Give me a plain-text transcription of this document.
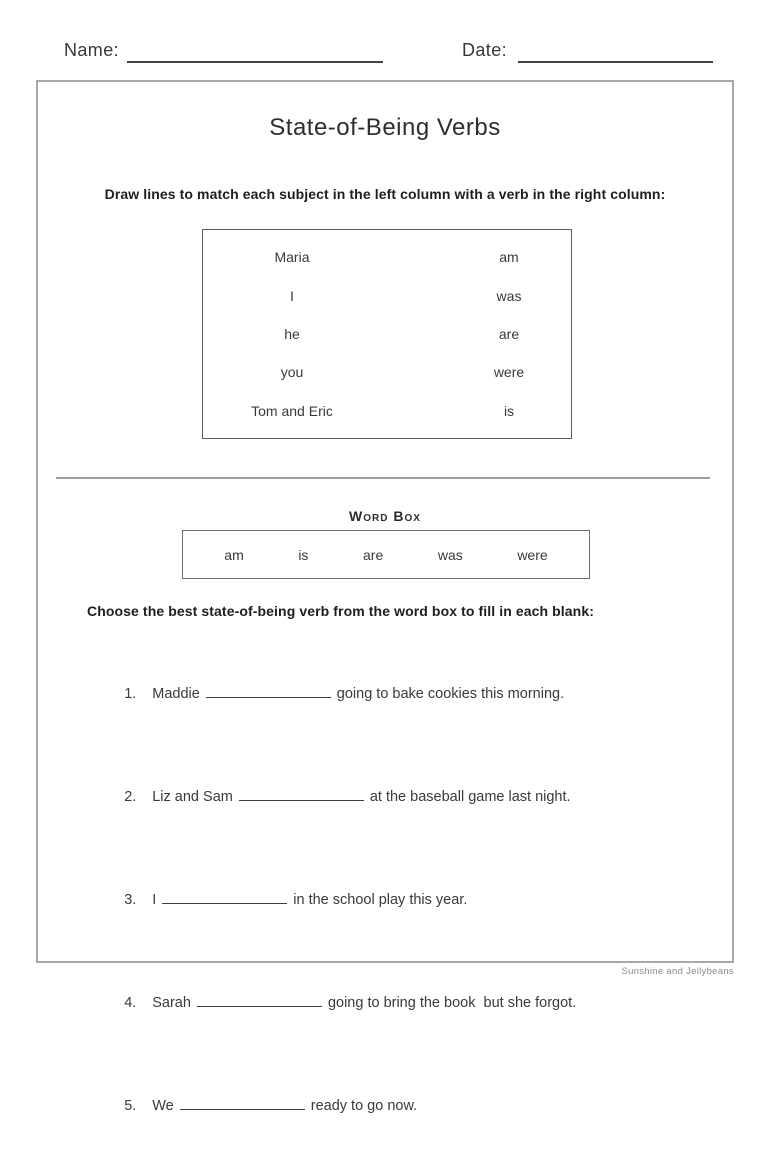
Name:	Date:
State-of-Being Verbs
Draw lines to match each subject in the left column with a verb in the right column:
Maria	am
I	was
he	are
you	were
Tom and Eric	is
Word Box
am	is	are	was	were
Choose the best state-of-being verb from the word box to fill in each blank:

1. Maddie	going to bake cookies this morning.

2. Liz and Sam	at the baseball game last night.

3. I	in the school play this year.

4. Sarah	going to bring the book  but she forgot.

5. We	ready to go now.

Sunshine and Jellybeans
